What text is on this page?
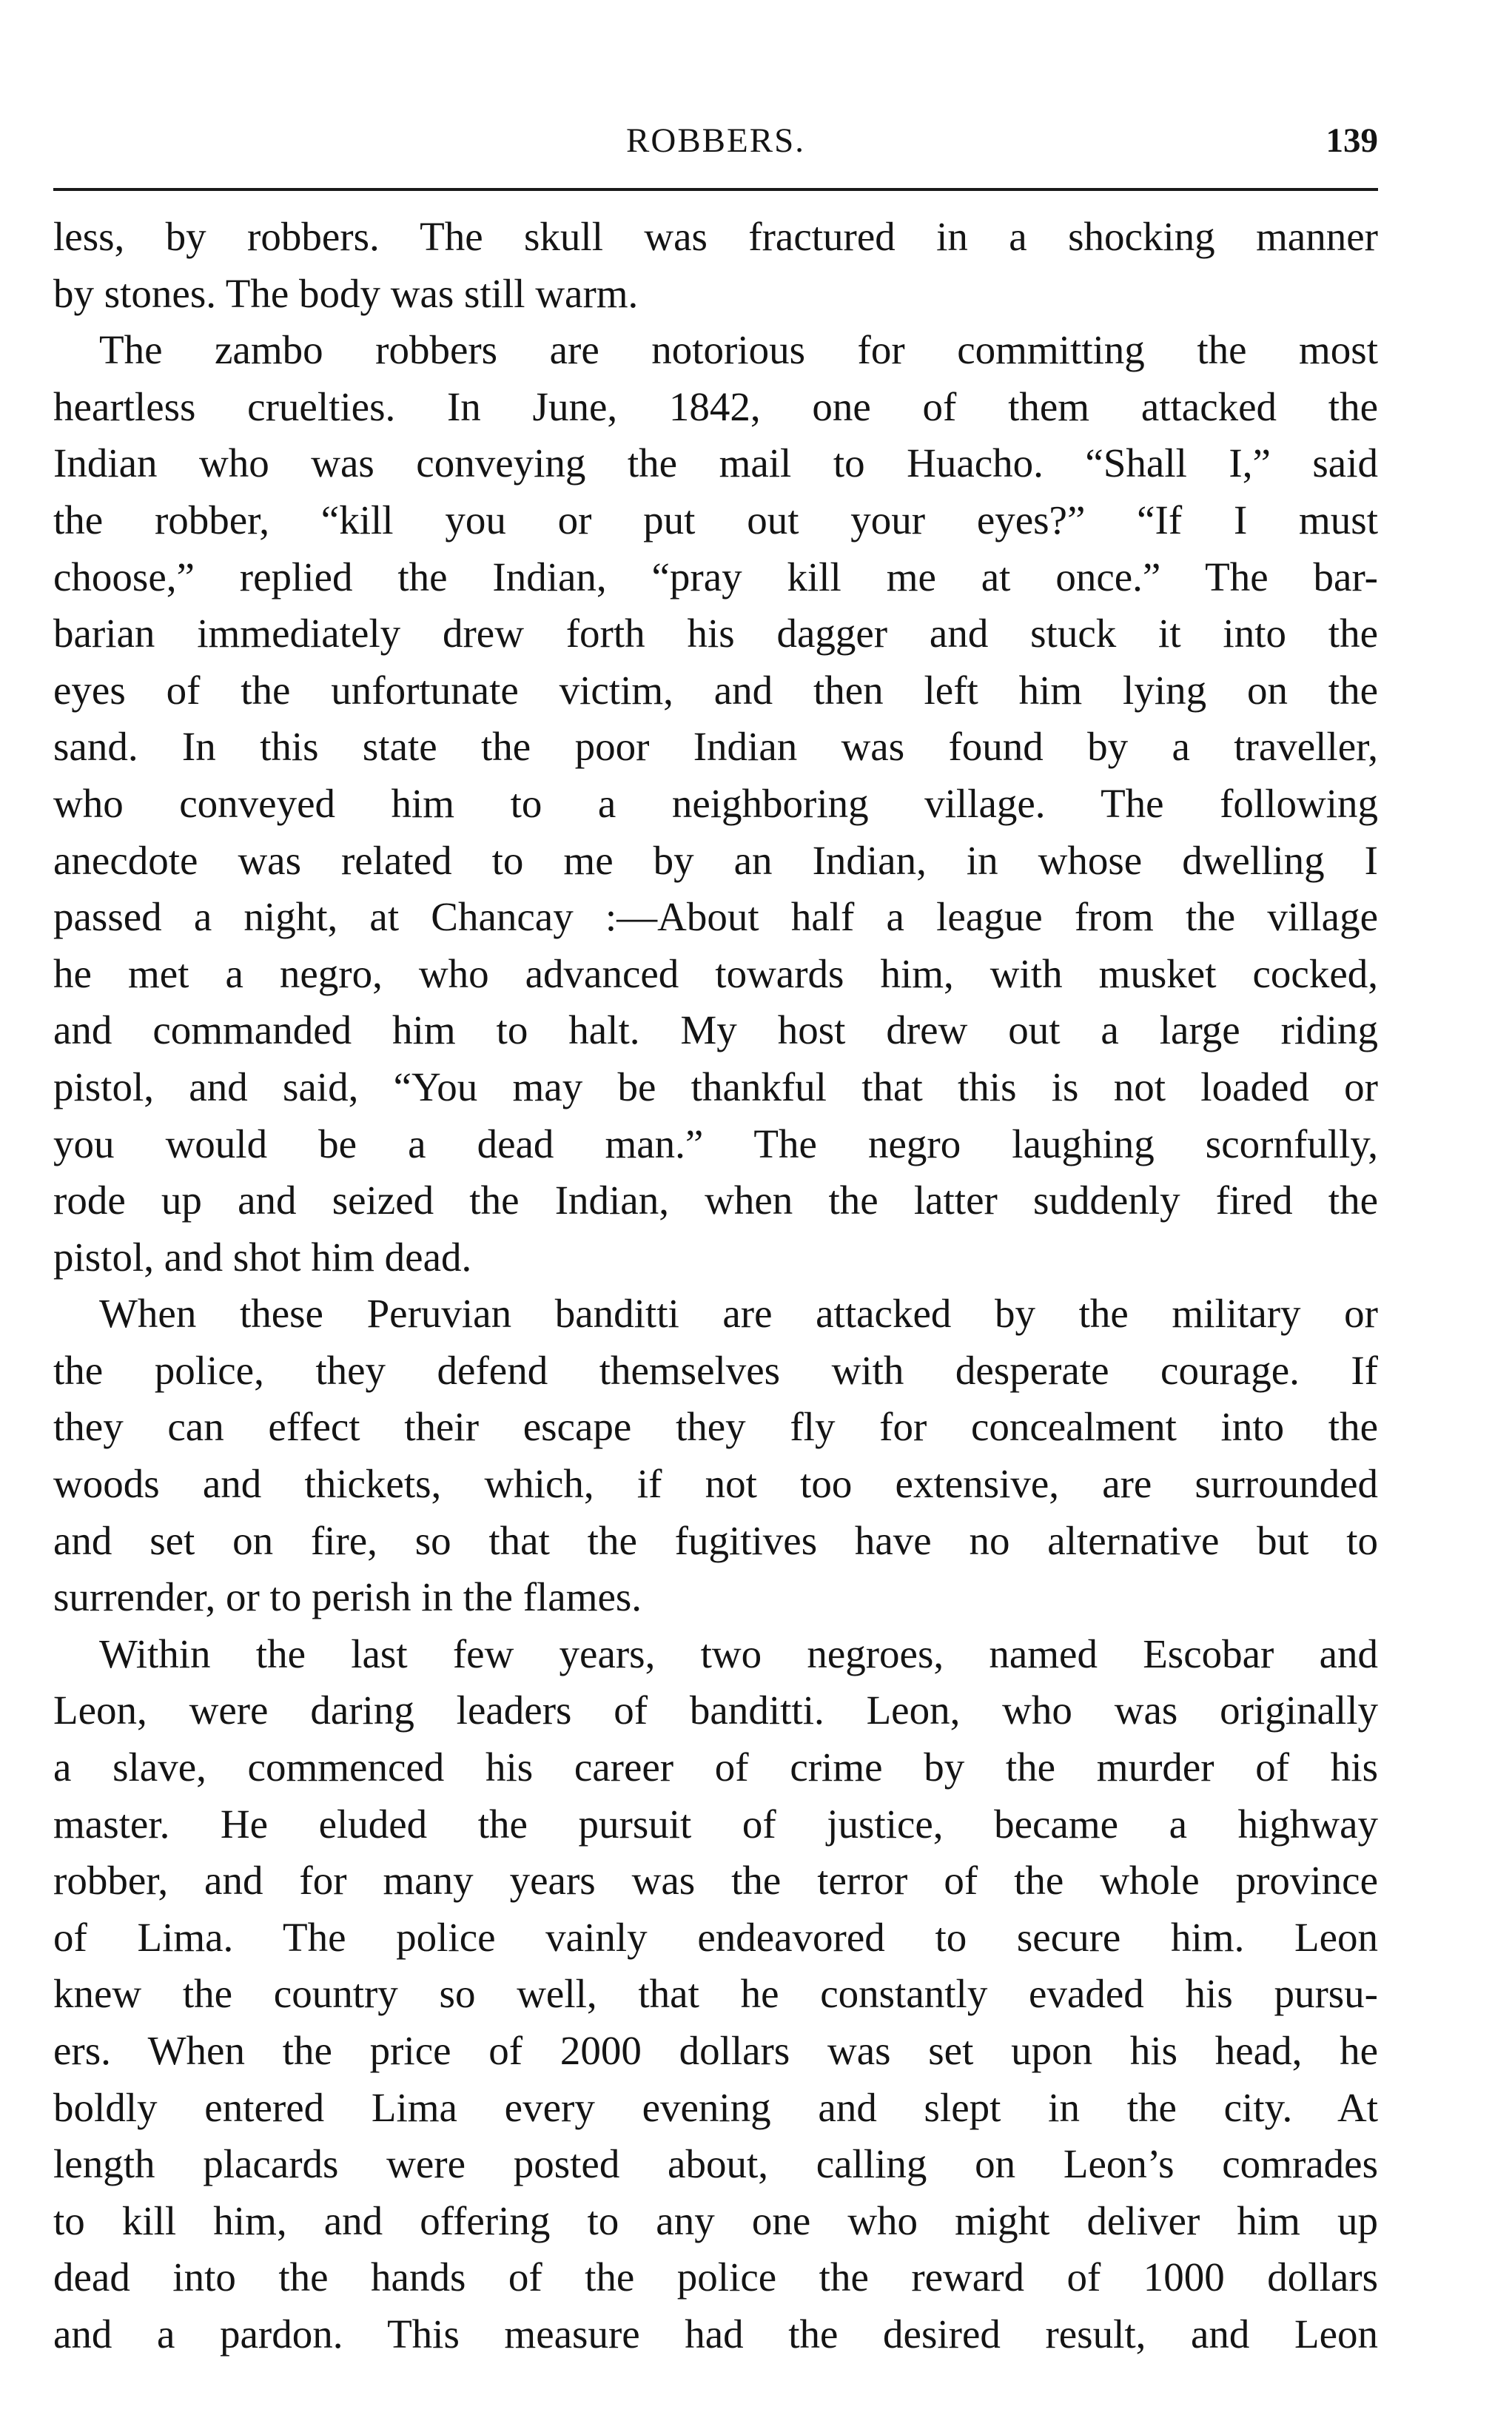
ROBBERS.	139
less, by robbers. The skull was fractured in a shocking manner
by stones. The body was still warm.
The zambo robbers are notorious for committing the most
heartless cruelties. In June, 1842, one of them attacked the
Indian who was conveying the mail to Huacho. “Shall I,” said
the robber, “kill you or put out your eyes?” “If I must
choose,” replied the Indian, “pray kill me at once.” The bar-
barian immediately drew forth his dagger and stuck it into the
eyes of the unfortunate victim, and then left him lying on the
sand. In this state the poor Indian was found by a traveller,
who conveyed him to a neighboring village. The following
anecdote was related to me by an Indian, in whose dwelling I
passed a night, at Chancay :—About half a league from the village
he met a negro, who advanced towards him, with musket cocked,
and commanded him to halt. My host drew out a large riding
pistol, and said, “You may be thankful that this is not loaded or
you would be a dead man.” The negro laughing scornfully,
rode up and seized the Indian, when the latter suddenly fired the
pistol, and shot him dead.
When these Peruvian banditti are attacked by the military or
the police, they defend themselves with desperate courage. If
they can effect their escape they fly for concealment into the
woods and thickets, which, if not too extensive, are surrounded
and set on fire, so that the fugitives have no alternative but to
surrender, or to perish in the flames.
Within the last few years, two negroes, named Escobar and
Leon, were daring leaders of banditti. Leon, who was originally
a slave, commenced his career of crime by the murder of his
master. He eluded the pursuit of justice, became a highway
robber, and for many years was the terror of the whole province
of Lima. The police vainly endeavored to secure him. Leon
knew the country so well, that he constantly evaded his pursu-
ers. When the price of 2000 dollars was set upon his head, he
boldly entered Lima every evening and slept in the city. At
length placards were posted about, calling on Leon’s comrades
to kill him, and offering to any one who might deliver him up
dead into the hands of the police the reward of 1000 dollars
and a pardon. This measure had the desired result, and Leon
